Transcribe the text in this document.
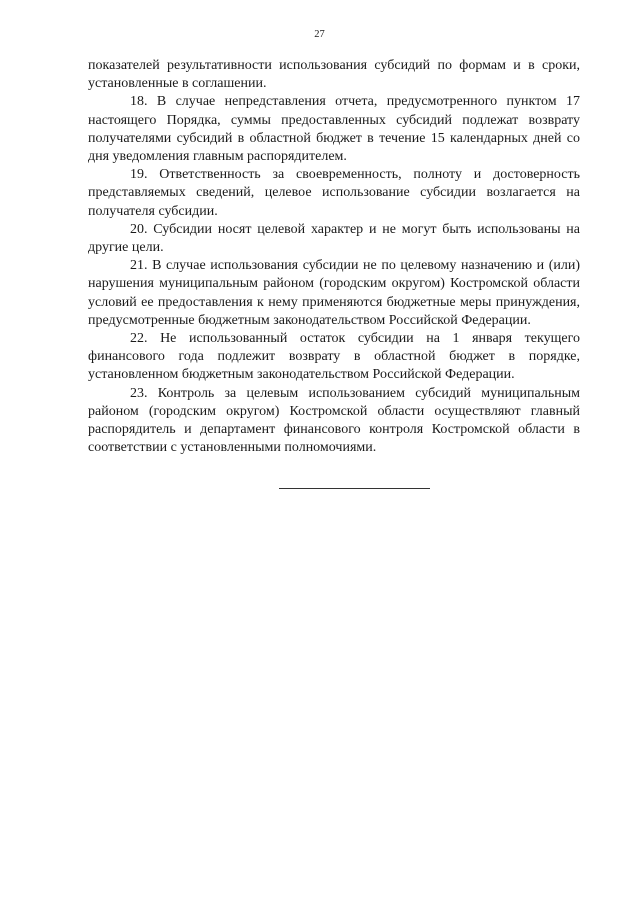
27

показателей результативности использования субсидий по формам и в сроки, установленные в соглашении.

18. В случае непредставления отчета, предусмотренного пунктом 17 настоящего Порядка, суммы предоставленных субсидий подлежат возврату получателями субсидий в областной бюджет в течение 15 календарных дней со дня уведомления главным распорядителем.

19. Ответственность за своевременность, полноту и достоверность представляемых сведений, целевое использование субсидии возлагается на получателя субсидии.

20. Субсидии носят целевой характер и не могут быть использованы на другие цели.

21. В случае использования субсидии не по целевому назначению и (или) нарушения муниципальным районом (городским округом) Костромской области условий ее предоставления к нему применяются бюджетные меры принуждения, предусмотренные бюджетным законодательством Российской Федерации.

22. Не использованный остаток субсидии на 1 января текущего финансового года подлежит возврату в областной бюджет в порядке, установленном бюджетным законодательством Российской Федерации.

23. Контроль за целевым использованием субсидий муниципальным районом (городским округом) Костромской области осуществляют главный распорядитель и департамент финансового контроля Костромской области в соответствии с установленными полномочиями.
